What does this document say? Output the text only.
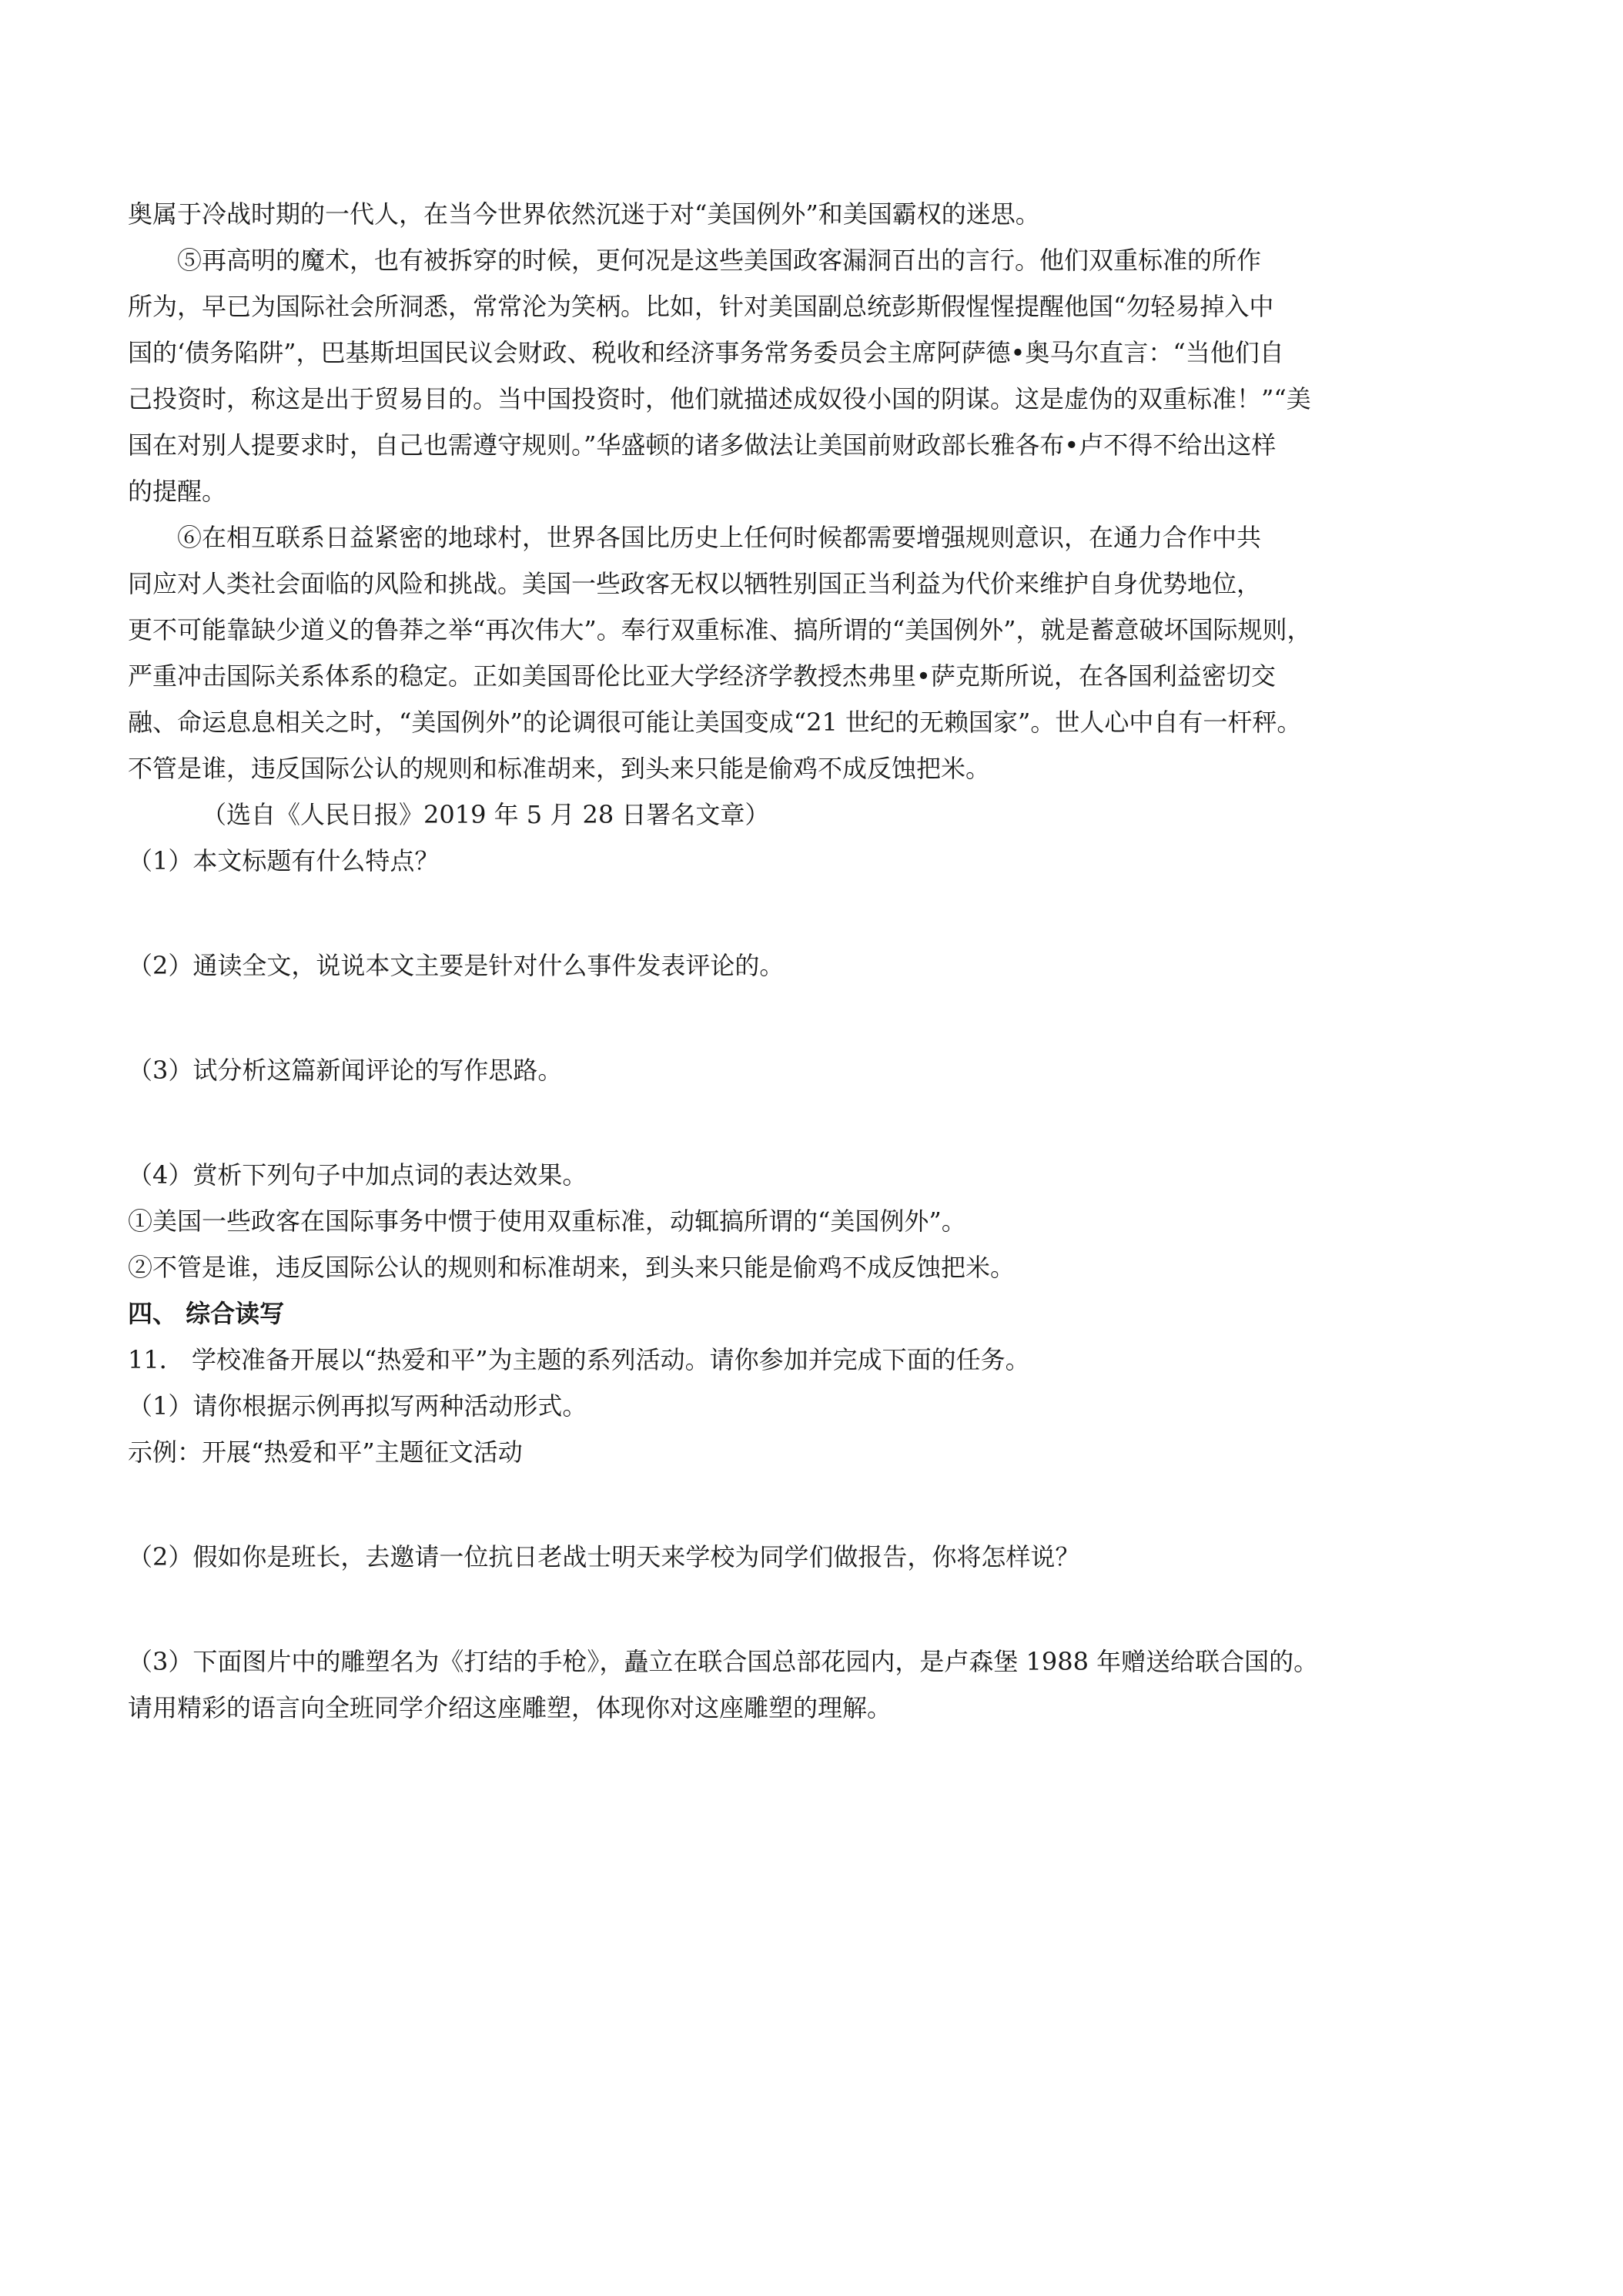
奥属于冷战时期的一代人，在当今世界依然沉迷于对“美国例外”和美国霸权的迷思。
⑤再高明的魔术，也有被拆穿的时候，更何况是这些美国政客漏洞百出的言行。他们双重标准的所作
所为，早已为国际社会所洞悉，常常沦为笑柄。比如，针对美国副总统彭斯假惺惺提醒他国“勿轻易掉入中
国的‘债务陷阱”，巴基斯坦国民议会财政、税收和经济事务常务委员会主席阿萨德•奥马尔直言：“当他们自
己投资时，称这是出于贸易目的。当中国投资时，他们就描述成奴役小国的阴谋。这是虚伪的双重标准！”“美
国在对别人提要求时，自己也需遵守规则。”华盛顿的诸多做法让美国前财政部长雅各布•卢不得不给出这样
的提醒。
⑥在相互联系日益紧密的地球村，世界各国比历史上任何时候都需要增强规则意识，在通力合作中共
同应对人类社会面临的风险和挑战。美国一些政客无权以牺牲别国正当利益为代价来维护自身优势地位，
更不可能靠缺少道义的鲁莽之举“再次伟大”。奉行双重标准、搞所谓的“美国例外”，就是蓄意破坏国际规则，
严重冲击国际关系体系的稳定。正如美国哥伦比亚大学经济学教授杰弗里•萨克斯所说，在各国利益密切交
融、命运息息相关之时，“美国例外”的论调很可能让美国变成“21 世纪的无赖国家”。世人心中自有一杆秤。
不管是谁，违反国际公认的规则和标准胡来，到头来只能是偷鸡不成反蚀把米。
（选自《人民日报》2019 年 5 月 28 日署名文章）
（1）本文标题有什么特点？
（2）通读全文，说说本文主要是针对什么事件发表评论的。
（3）试分析这篇新闻评论的写作思路。
（4）赏析下列句子中加点词的表达效果。
①美国一些政客在国际事务中惯于使用双重标准，动辄搞所谓的“美国例外”。
②不管是谁，违反国际公认的规则和标准胡来，到头来只能是偷鸡不成反蚀把米。
四、 综合读写
11． 学校准备开展以“热爱和平”为主题的系列活动。请你参加并完成下面的任务。
（1）请你根据示例再拟写两种活动形式。
示例：开展“热爱和平”主题征文活动
（2）假如你是班长，去邀请一位抗日老战士明天来学校为同学们做报告，你将怎样说？
（3）下面图片中的雕塑名为《打结的手枪》，矗立在联合国总部花园内，是卢森堡 1988 年赠送给联合国的。
请用精彩的语言向全班同学介绍这座雕塑，体现你对这座雕塑的理解。
